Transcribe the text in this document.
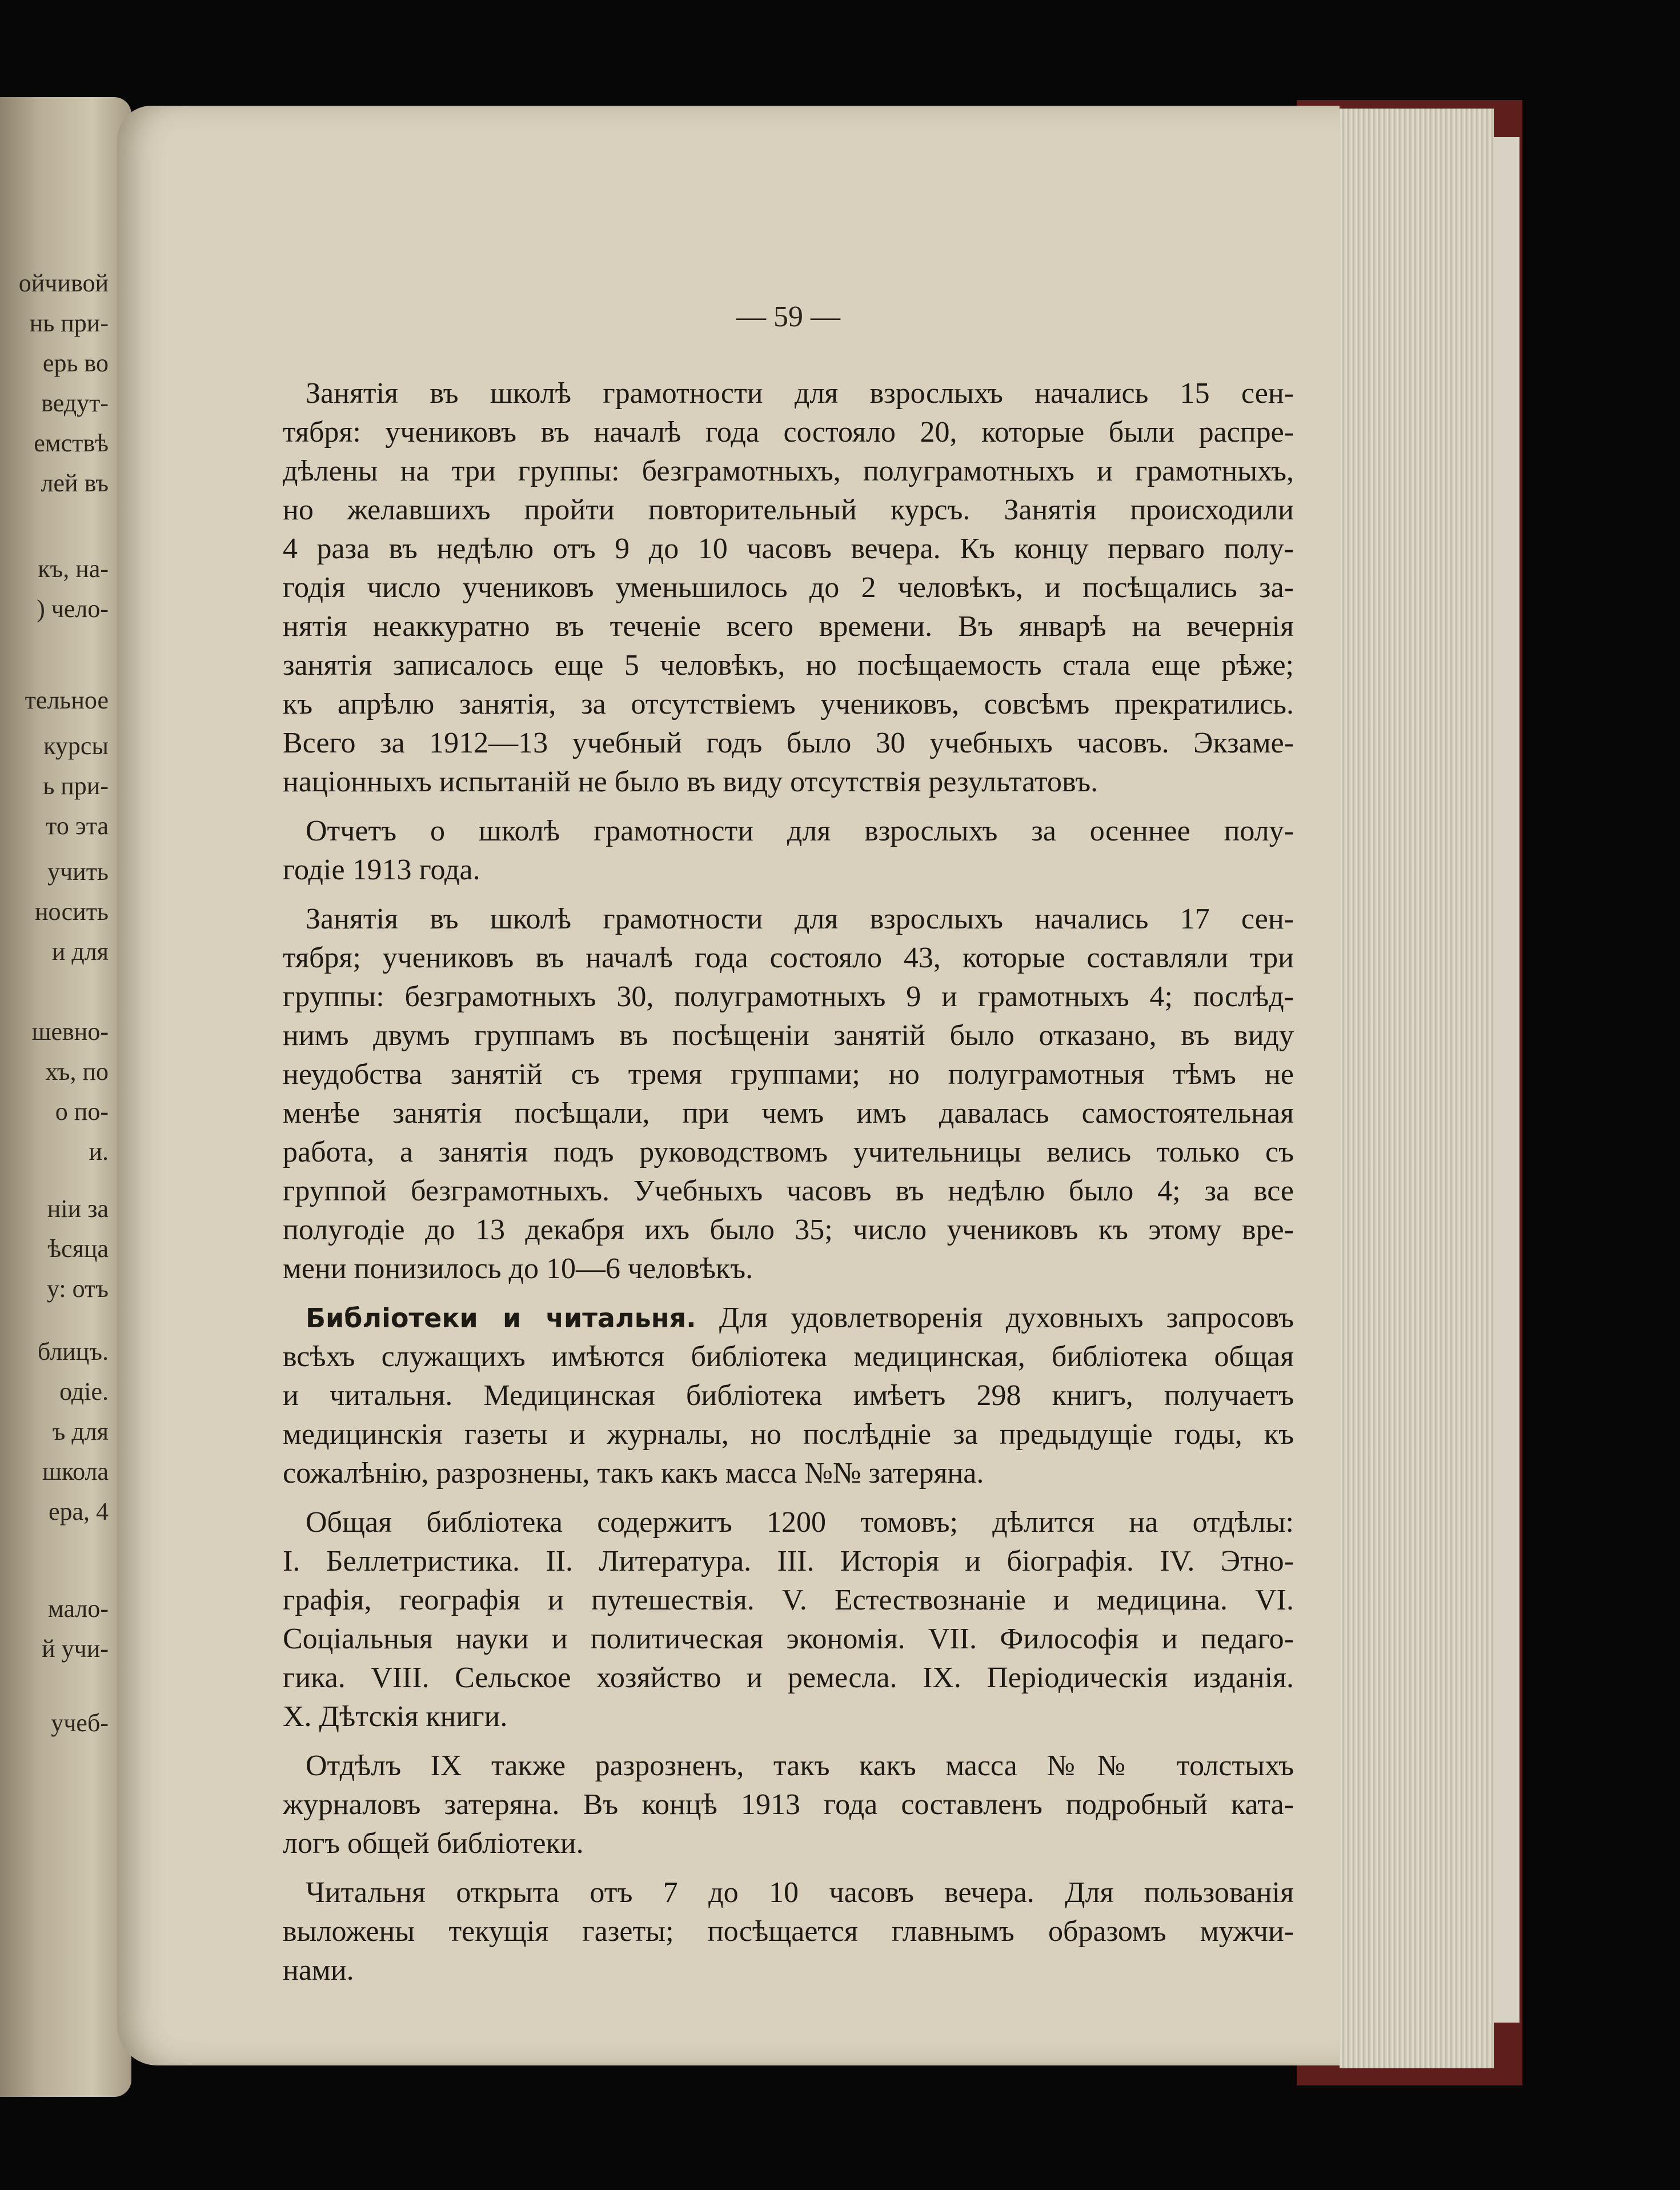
ойчивой
нь при-
ерь во
ведут-
емствѣ
лей въ
къ, на-
) чело-
тельное
курсы
ь при-
то эта
учить
носить
и для
шевно-
хъ, по
о по-
и.
ніи за
ѣсяца
у: отъ
блицъ.
одіе.
ъ для
школа
ера, 4
мало-
й учи-
учеб-
— 59 —
Занятія въ школѣ грамотности для взрослыхъ начались 15 сен-
тября: учениковъ въ началѣ года состояло 20, которые были распре-
дѣлены на три группы: безграмотныхъ, полуграмотныхъ и грамотныхъ,
но желавшихъ пройти повторительный курсъ. Занятія происходили
4 раза въ недѣлю отъ 9 до 10 часовъ вечера. Къ концу перваго полу-
годія число учениковъ уменьшилось до 2 человѣкъ, и посѣщались за-
нятія неаккуратно въ теченіе всего времени. Въ январѣ на вечернія
занятія записалось еще 5 человѣкъ, но посѣщаемость стала еще рѣже;
къ апрѣлю занятія, за отсутствіемъ учениковъ, совсѣмъ прекратились.
Всего за 1912—13 учебный годъ было 30 учебныхъ часовъ. Экзаме-
націонныхъ испытаній не было въ виду отсутствія результатовъ.
Отчетъ о школѣ грамотности для взрослыхъ за осеннее полу-
годіе 1913 года.
Занятія въ школѣ грамотности для взрослыхъ начались 17 сен-
тября; учениковъ въ началѣ года состояло 43, которые составляли три
группы: безграмотныхъ 30, полуграмотныхъ 9 и грамотныхъ 4; послѣд-
нимъ двумъ группамъ въ посѣщеніи занятій было отказано, въ виду
неудобства занятій съ тремя группами; но полуграмотныя тѣмъ не
менѣе занятія посѣщали, при чемъ имъ давалась самостоятельная
работа, а занятія подъ руководствомъ учительницы велись только съ
группой безграмотныхъ. Учебныхъ часовъ въ недѣлю было 4; за все
полугодіе до 13 декабря ихъ было 35; число учениковъ къ этому вре-
мени понизилось до 10—6 человѣкъ.
Библіотеки и читальня. Для удовлетворенія духовныхъ запросовъ
всѣхъ служащихъ имѣются библіотека медицинская, библіотека общая
и читальня. Медицинская библіотека имѣетъ 298 книгъ, получаетъ
медицинскія газеты и журналы, но послѣдніе за предыдущіе годы, къ
сожалѣнію, разрознены, такъ какъ масса №№ затеряна.
Общая библіотека содержитъ 1200 томовъ; дѣлится на отдѣлы:
I. Беллетристика. II. Литература. III. Исторія и біографія. IV. Этно-
графія, географія и путешествія. V. Естествознаніе и медицина. VI.
Соціальныя науки и политическая экономія. VII. Философія и педаго-
гика. VIII. Сельское хозяйство и ремесла. IX. Періодическія изданія.
X. Дѣтскія книги.
Отдѣлъ IX также разрозненъ, такъ какъ масса №№ толстыхъ
журналовъ затеряна. Въ концѣ 1913 года составленъ подробный ката-
логъ общей библіотеки.
Читальня открыта отъ 7 до 10 часовъ вечера. Для пользованія
выложены текущія газеты; посѣщается главнымъ образомъ мужчи-
нами.
